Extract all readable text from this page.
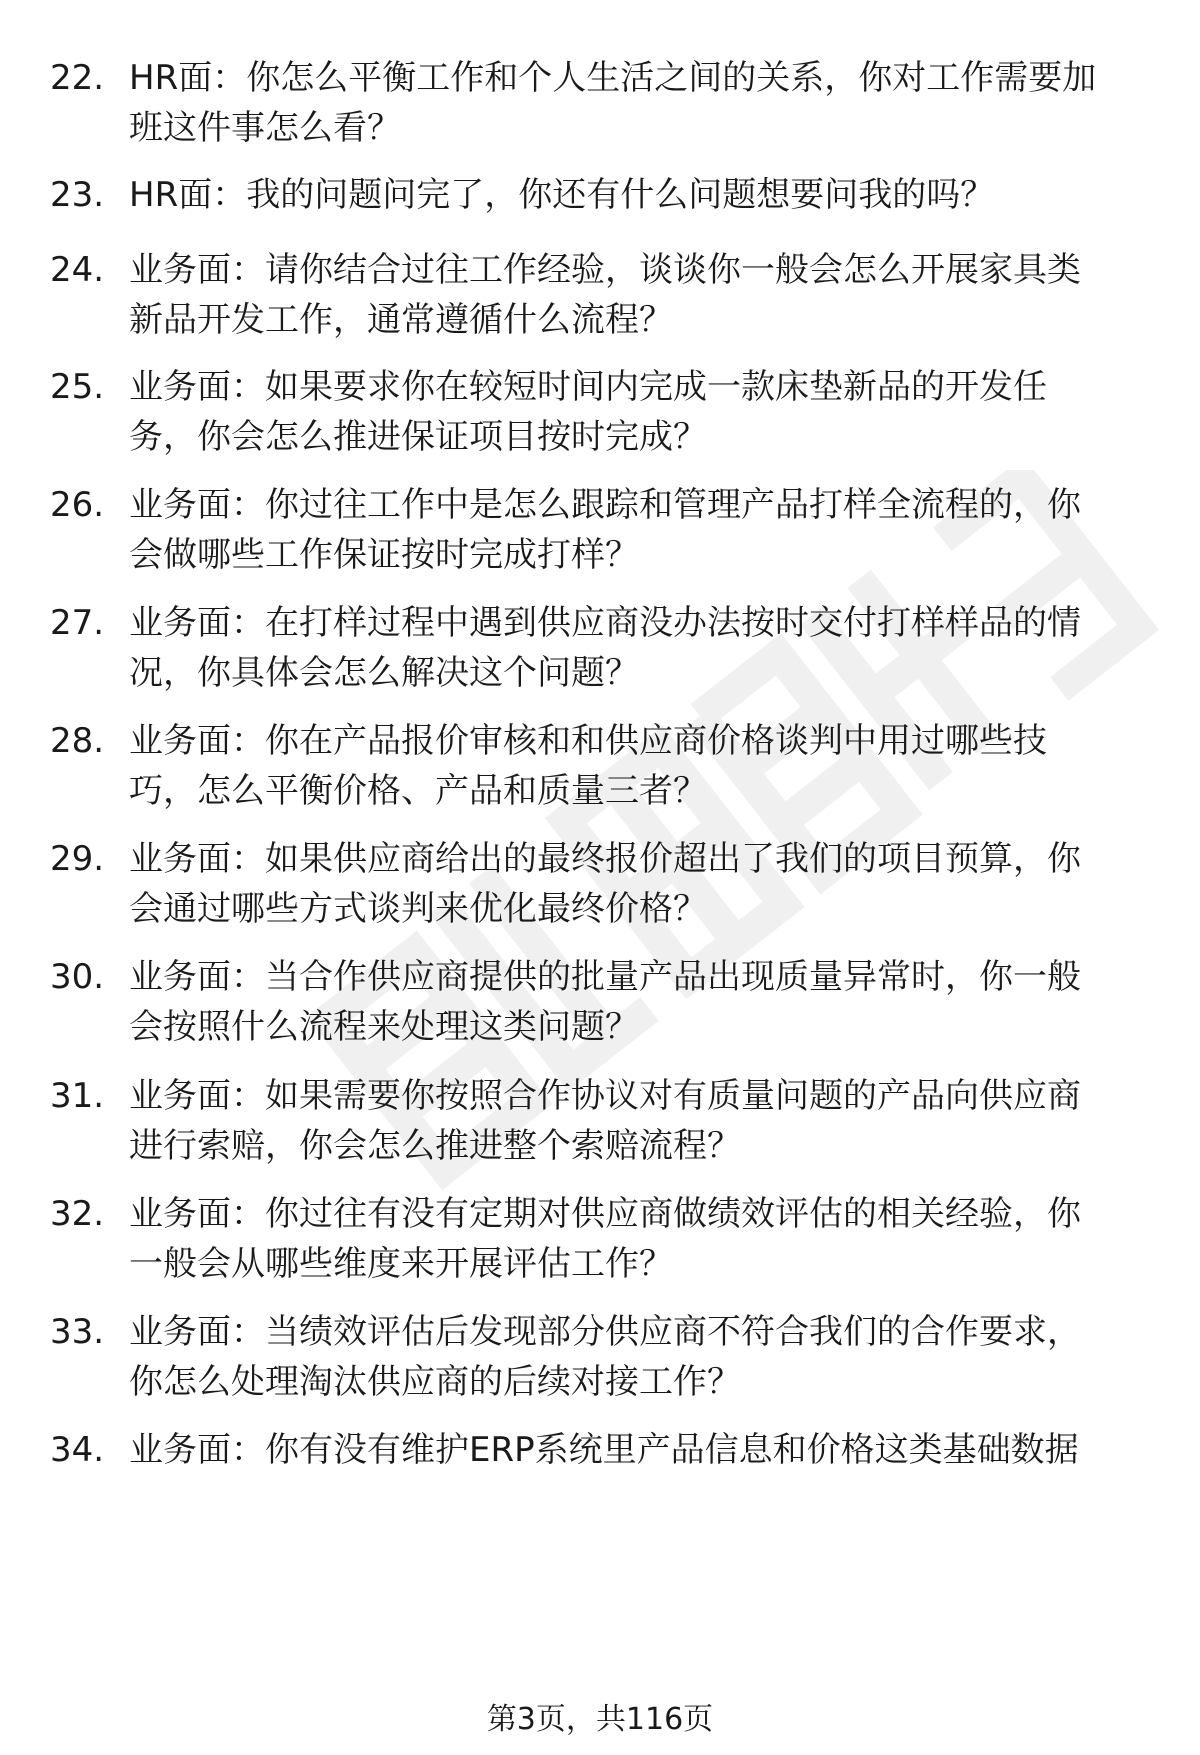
22. HR面：你怎么平衡工作和个人生活之间的关系，你对工作需要加
班这件事怎么看？
23. HR面：我的问题问完了，你还有什么问题想要问我的吗？
24. 业务面：请你结合过往工作经验，谈谈你一般会怎么开展家具类
新品开发工作，通常遵循什么流程？
25. 业务面：如果要求你在较短时间内完成一款床垫新品的开发任
务，你会怎么推进保证项目按时完成？
26. 业务面：你过往工作中是怎么跟踪和管理产品打样全流程的，你
会做哪些工作保证按时完成打样？
27. 业务面：在打样过程中遇到供应商没办法按时交付打样样品的情
况，你具体会怎么解决这个问题？
28. 业务面：你在产品报价审核和和供应商价格谈判中用过哪些技
巧，怎么平衡价格、产品和质量三者？
29. 业务面：如果供应商给出的最终报价超出了我们的项目预算，你
会通过哪些方式谈判来优化最终价格？
30. 业务面：当合作供应商提供的批量产品出现质量异常时，你一般
会按照什么流程来处理这类问题？
31. 业务面：如果需要你按照合作协议对有质量问题的产品向供应商
进行索赔，你会怎么推进整个索赔流程？
32. 业务面：你过往有没有定期对供应商做绩效评估的相关经验，你
一般会从哪些维度来开展评估工作？
33. 业务面：当绩效评估后发现部分供应商不符合我们的合作要求，
你怎么处理淘汰供应商的后续对接工作？
34. 业务面：你有没有维护ERP系统里产品信息和价格这类基础数据
第3页，共116页
